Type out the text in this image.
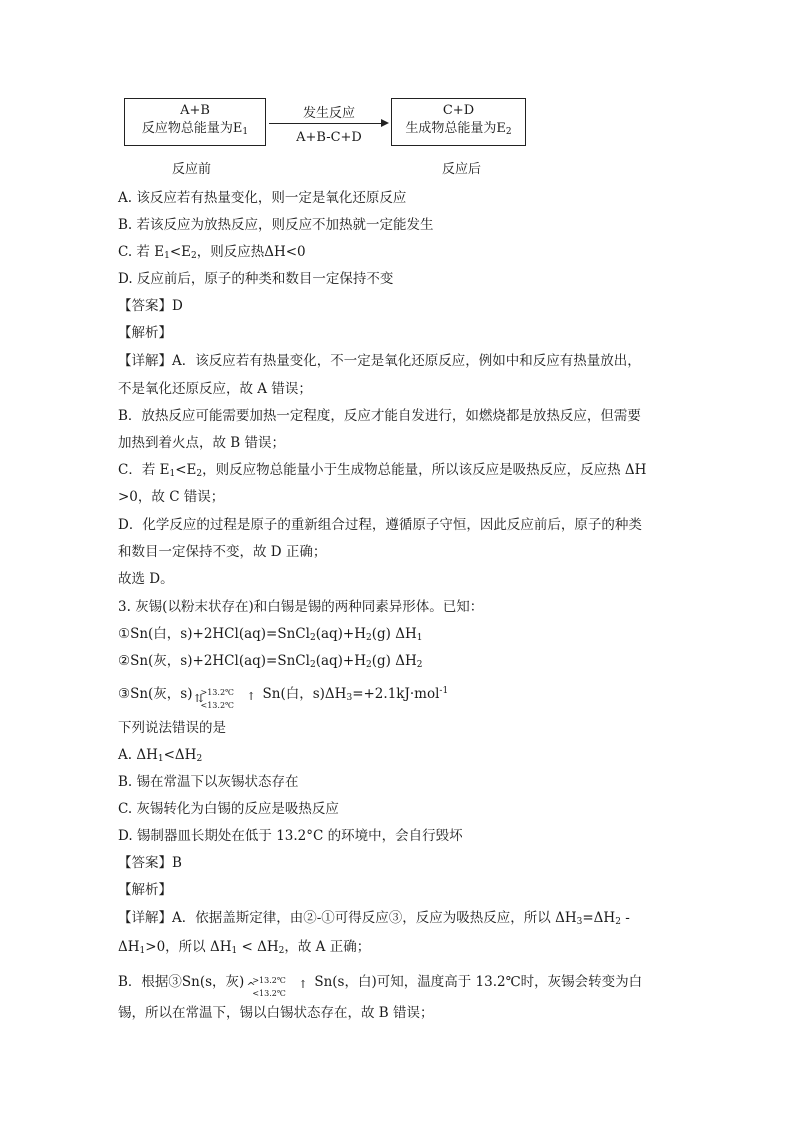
A+B
反应物总能量为$E_1$
发生反应
A+B-C+D
C+D
生成物总能量为$E_2$
反应前	反应后
A. 该反应若有热量变化，则一定是氧化还原反应
B. 若该反应为放热反应，则反应不加热就一定能发生
C. 若 $E_1<E_2$，则反应热ΔH<0
D. 反应前后，原子的种类和数目一定保持不变
【答案】D
【解析】
【详解】A．该反应若有热量变化，不一定是氧化还原反应，例如中和反应有热量放出，
不是氧化还原反应，故 A 错误；
B．放热反应可能需要加热一定程度，反应才能自发进行，如燃烧都是放热反应，但需要
加热到着火点，故 B 错误；
C．若 $E_1<E_2$，则反应物总能量小于生成物总能量，所以该反应是吸热反应，反应热 ΔH
>0，故 C 错误；
D．化学反应的过程是原子的重新组合过程，遵循原子守恒，因此反应前后，原子的种类
和数目一定保持不变，故 D 正确；
故选 D。
3. 灰锡(以粉末状存在)和白锡是锡的两种同素异形体。已知：
①Sn(白，$s)+2HCl(aq)=SnCl_2(aq)+H_2(g)$ $\Delta H_1$
②Sn(灰，$s)+2HCl(aq)=SnCl_2(aq)+H_2(g)$ $\Delta H_2$
③Sn(灰，s) ⇅
>13.2℃
<13.2℃
↑ Sn(白，$s)\Delta H_3=+2.1kJ\cdot mol^{-1}$
下列说法错误的是
A. $\Delta H_1<\Delta H_2$
B. 锡在常温下以灰锡状态存在
C. 灰锡转化为白锡的反应是吸热反应
D. 锡制器皿长期处在低于 13.2°C 的环境中，会自行毁坏
【答案】B
【解析】
【详解】A．依据盖斯定律，由②-①可得反应③，反应为吸热反应，所以 $\Delta H_3=\Delta H_2$ -
$\Delta H_1>0$，所以 $\Delta H_1 < \Delta H_2$，故 A 正确；
B．根据③Sn(s，灰) ^
>13.2℃
<13.2℃
↑ Sn(s，白)可知，温度高于 13.2℃时，灰锡会转变为白
锡，所以在常温下，锡以白锡状态存在，故 B 错误；
